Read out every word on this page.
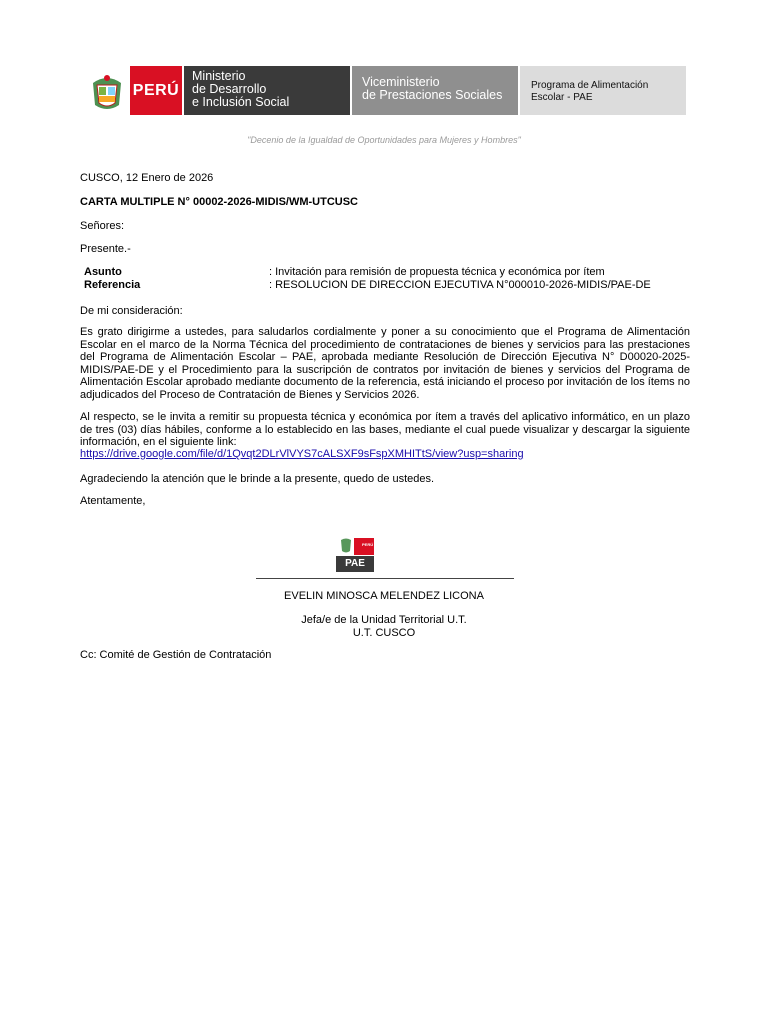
PERÚ
Ministerio
de Desarrollo
e Inclusión Social
Viceministerio
de Prestaciones Sociales
Programa de Alimentación
Escolar - PAE
"Decenio de la Igualdad de Oportunidades para Mujeres y Hombres"
CUSCO, 12 Enero de 2026
CARTA MULTIPLE N° 00002-2026-MIDIS/WM-UTCUSC
Señores:
Presente.-
Asunto	: Invitación para remisión de propuesta técnica y económica por ítem
Referencia	: RESOLUCION DE DIRECCION EJECUTIVA N°000010-2026-MIDIS/PAE-DE
De mi consideración:
Es grato dirigirme a ustedes, para saludarlos cordialmente y poner a su conocimiento que el Programa de Alimentación Escolar en el marco de la Norma Técnica del procedimiento de contrataciones de bienes y servicios para las prestaciones del Programa de Alimentación Escolar – PAE, aprobada mediante Resolución de Dirección Ejecutiva N° D00020-2025-MIDIS/PAE-DE y el Procedimiento para la suscripción de contratos por invitación de bienes y servicios del Programa de Alimentación Escolar aprobado mediante documento de la referencia, está iniciando el proceso por invitación de los ítems no adjudicados del Proceso de Contratación de Bienes y Servicios 2026.
Al respecto, se le invita a remitir su propuesta técnica y económica por ítem a través del aplicativo informático, en un plazo de tres (03) días hábiles, conforme a lo establecido en las bases, mediante el cual puede visualizar y descargar la siguiente información, en el siguiente link:
https://drive.google.com/file/d/1Qvqt2DLrVlVYS7cALSXF9sFspXMHITtS/view?usp=sharing
Agradeciendo la atención que le brinde a la presente, quedo de ustedes.
Atentamente,
PERÚ
PAE
EVELIN MINOSCA MELENDEZ LICONA
Jefa/e de la Unidad Territorial U.T.
U.T. CUSCO
Cc: Comité de Gestión de Contratación
